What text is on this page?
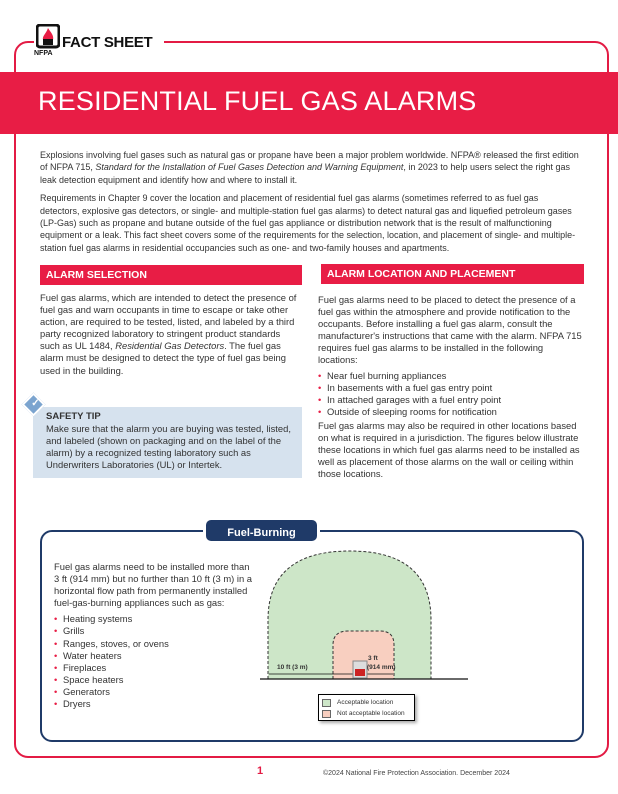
NFPA
FACT SHEET
RESIDENTIAL FUEL GAS ALARMS

Explosions involving fuel gases such as natural gas or propane have been a major problem worldwide. NFPA® released the first edition of NFPA 715, Standard for the Installation of Fuel Gases Detection and Warning Equipment, in 2023 to help users select the right gas leak detection equipment and identify how and where to install it.

Requirements in Chapter 9 cover the location and placement of residential fuel gas alarms (sometimes referred to as fuel gas detectors, explosive gas detectors, or single- and multiple-station fuel gas alarms) to detect natural gas and liquefied petroleum gases (LP-Gas) such as propane and butane outside of the fuel gas appliance or distribution network that is the result of malfunctioning equipment or a leak. This fact sheet covers some of the requirements for the selection, location, and placement of single- and multiple-station fuel gas alarms in residential occupancies such as one- and two-family houses and apartments.

ALARM SELECTION
Fuel gas alarms, which are intended to detect the presence of fuel gas and warn occupants in time to escape or take other action, are required to be tested, listed, and labeled by a third party recognized laboratory to stringent product standards such as UL 1484, Residential Gas Detectors. The fuel gas alarm must be designed to detect the type of fuel gas being used in the building.
SAFETY TIP
Make sure that the alarm you are buying was tested, listed, and labeled (shown on packaging and on the label of the alarm) by a recognized testing laboratory such as Underwriters Laboratories (UL) or Intertek.
✓
ALARM LOCATION AND PLACEMENT
Fuel gas alarms need to be placed to detect the presence of a fuel gas within the atmosphere and provide notification to the occupants. Before installing a fuel gas alarm, consult the manufacturer's instructions that came with the alarm. NFPA 715 requires fuel gas alarms to be installed in the following locations:
• Near fuel burning appliances
• In basements with a fuel gas entry point
• In attached garages with a fuel entry point
• Outside of sleeping rooms for notification
Fuel gas alarms may also be required in other locations based on what is required in a jurisdiction. The figures below illustrate these locations in which fuel gas alarms need to be installed as well as placement of those alarms on the wall or ceiling within those locations.
Fuel-Burning Appliances
Fuel gas alarms need to be installed more than 3 ft (914 mm) but no further than 10 ft (3 m) in a horizontal flow path from permanently installed fuel-gas-burning appliances such as gas:
• Heating systems
• Grills
• Ranges, stoves, or ovens
• Water heaters
• Fireplaces
• Space heaters
• Generators
• Dryers
10 ft (3 m)
3 ft
(914 mm)
Acceptable location
Not acceptable location
1	©2024 National Fire Protection Association. December 2024
